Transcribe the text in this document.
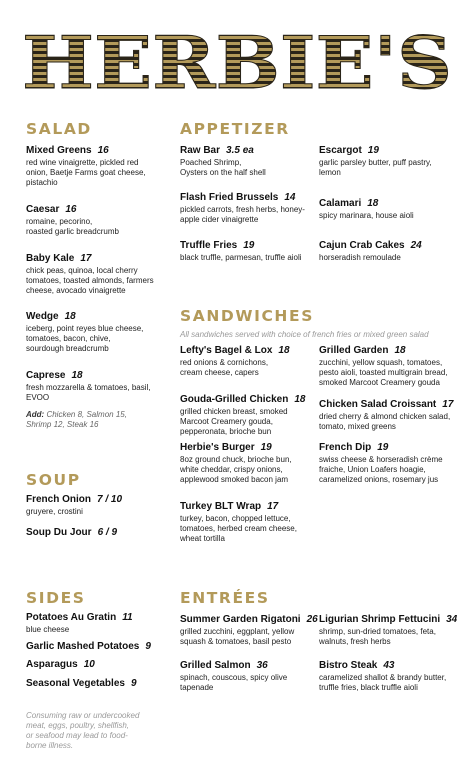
HERBIE'S
SALAD
Mixed Greens 16
red wine vinaigrette, pickled red
onion, Baetje Farms goat cheese,
pistachio
Caesar 16
romaine, pecorino,
roasted garlic breadcrumb
Baby Kale 17
chick peas, quinoa, local cherry
tomatoes, toasted almonds, farmers
cheese, avocado vinaigrette
Wedge 18
iceberg, point reyes blue cheese,
tomatoes, bacon, chive,
sourdough breadcrumb
Caprese 18
fresh mozzarella & tomatoes, basil,
EVOO
Add: Chicken 8, Salmon 15,
Shrimp 12, Steak 16
APPETIZER
Raw Bar 3.5 ea
Poached Shrimp,
Oysters on the half shell
Escargot 19
garlic parsley butter, puff pastry,
lemon
Flash Fried Brussels 14
pickled carrots, fresh herbs, honey-
apple cider vinaigrette
Calamari 18
spicy marinara, house aioli
Truffle Fries 19
black truffle, parmesan, truffle aioli
Cajun Crab Cakes 24
horseradish remoulade
SANDWICHES
All sandwiches served with choice of french fries or mixed green salad
Lefty's Bagel & Lox 18
red onions & cornichons,
cream cheese, capers
Grilled Garden 18
zucchini, yellow squash, tomatoes,
pesto aioli, toasted multigrain bread,
smoked Marcoot Creamery gouda
Gouda-Grilled Chicken 18
grilled chicken breast, smoked
Marcoot Creamery gouda,
pepperonata, brioche bun
Chicken Salad Croissant 17
dried cherry & almond chicken salad,
tomato, mixed greens
Herbie's Burger 19
8oz ground chuck, brioche bun,
white cheddar, crispy onions,
applewood smoked bacon jam
French Dip 19
swiss cheese & horseradish crème
fraiche, Union Loafers hoagie,
caramelized onions, rosemary jus
Turkey BLT Wrap 17
turkey, bacon, chopped lettuce,
tomatoes, herbed cream cheese,
wheat tortilla
SOUP
French Onion 7 / 10
gruyere, crostini
Soup Du Jour 6 / 9
SIDES
Potatoes Au Gratin 11
blue cheese
Garlic Mashed Potatoes 9
Asparagus 10
Seasonal Vegetables 9
Consuming raw or undercooked
meat, eggs, poultry, shellfish,
or seafood may lead to food-
borne illness.
ENTRÉES
Summer Garden Rigatoni 26
grilled zucchini, eggplant, yellow
squash & tomatoes, basil pesto
Ligurian Shrimp Fettucini 34
shrimp, sun-dried tomatoes, feta,
walnuts, fresh herbs
Grilled Salmon 36
spinach, couscous, spicy olive
tapenade
Bistro Steak 43
caramelized shallot & brandy butter,
truffle fries, black truffle aioli
